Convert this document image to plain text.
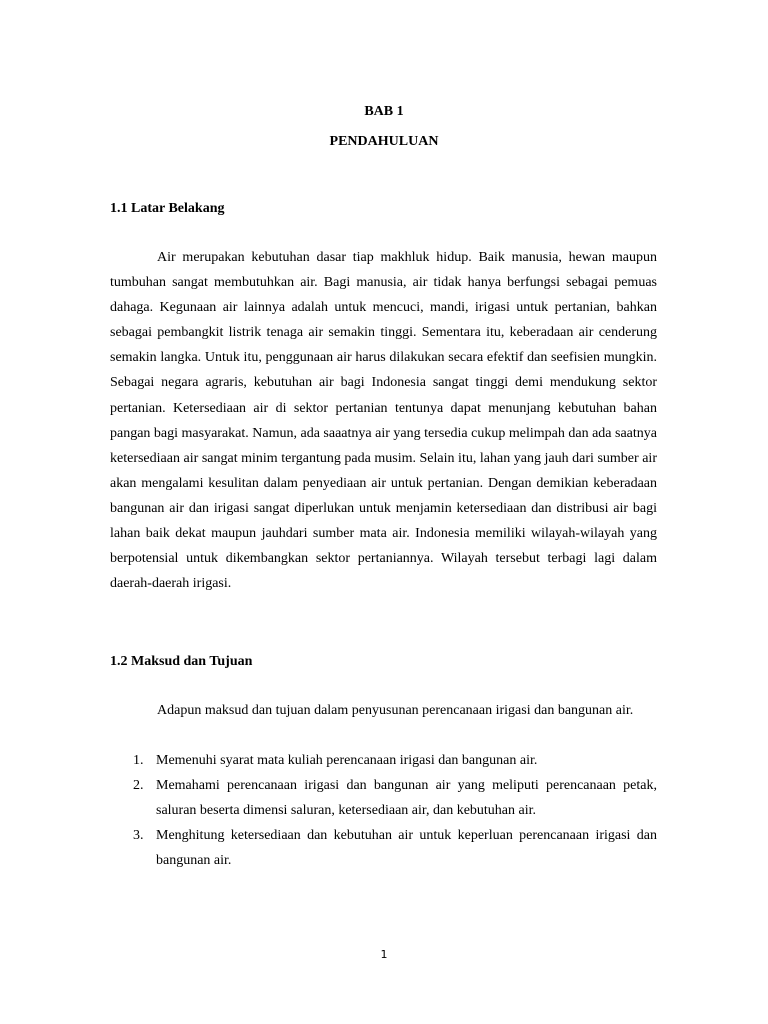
BAB 1
PENDAHULUAN
1.1 Latar Belakang

Air merupakan kebutuhan dasar tiap makhluk hidup. Baik manusia, hewan maupun tumbuhan sangat membutuhkan air. Bagi manusia, air tidak hanya berfungsi sebagai pemuas dahaga. Kegunaan air lainnya adalah untuk mencuci, mandi, irigasi untuk pertanian, bahkan sebagai pembangkit listrik tenaga air semakin tinggi. Sementara itu, keberadaan air cenderung semakin langka. Untuk itu, penggunaan air harus dilakukan secara efektif dan seefisien mungkin. Sebagai negara agraris, kebutuhan air bagi Indonesia sangat tinggi demi mendukung sektor pertanian. Ketersediaan air di sektor pertanian tentunya dapat menunjang kebutuhan bahan pangan bagi masyarakat. Namun, ada saaatnya air yang tersedia cukup melimpah dan ada saatnya ketersediaan air sangat minim tergantung pada musim. Selain itu, lahan yang jauh dari sumber air akan mengalami kesulitan dalam penyediaan air untuk pertanian. Dengan demikian keberadaan bangunan air dan irigasi sangat diperlukan untuk menjamin ketersediaan dan distribusi air bagi lahan baik dekat maupun jauhdari sumber mata air. Indonesia memiliki wilayah-wilayah yang berpotensial untuk dikembangkan sektor pertaniannya. Wilayah tersebut terbagi lagi dalam daerah-daerah irigasi.

1.2 Maksud dan Tujuan

Adapun maksud dan tujuan dalam penyusunan perencanaan irigasi dan bangunan air.

1. Memenuhi syarat mata kuliah perencanaan irigasi dan bangunan air.
2. Memahami perencanaan irigasi dan bangunan air yang meliputi perencanaan petak, saluran beserta dimensi saluran, ketersediaan air, dan kebutuhan air.
3. Menghitung ketersediaan dan kebutuhan air untuk keperluan perencanaan irigasi dan bangunan air.
1
